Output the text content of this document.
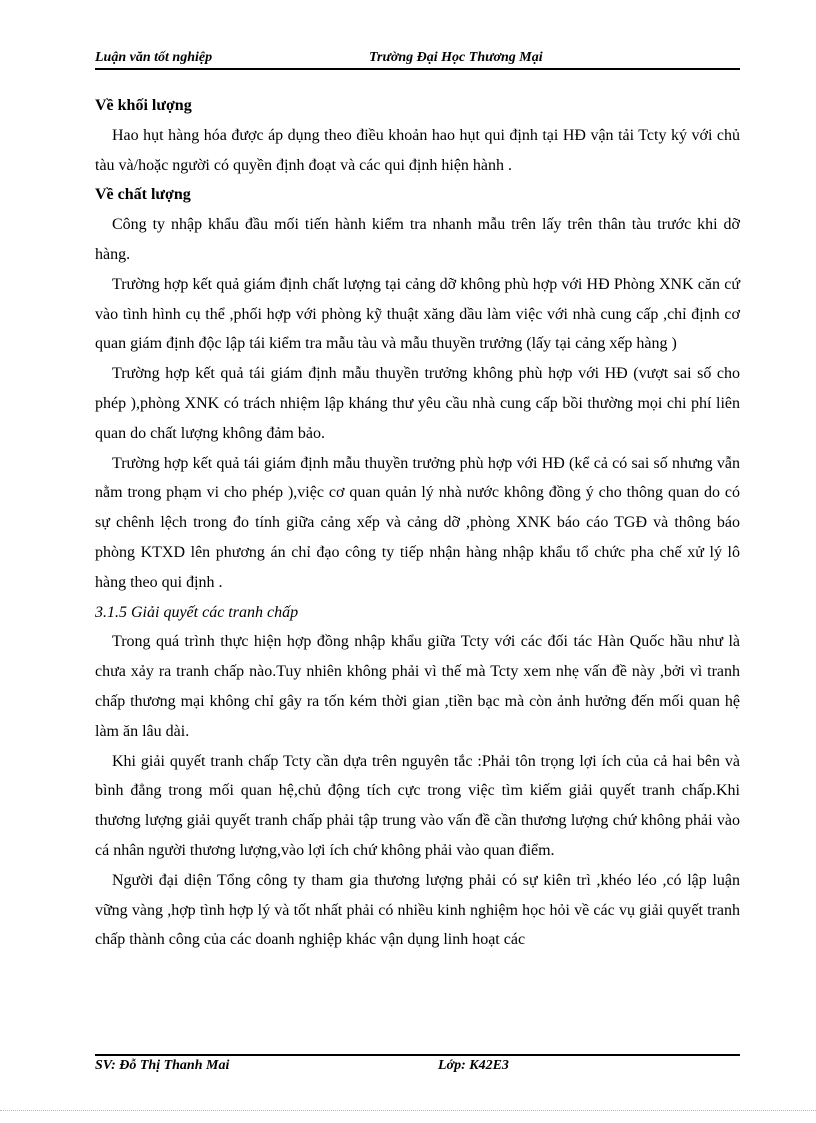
Luận văn tốt nghiệp	Trường Đại Học Thương Mại
Về khối lượng

Hao hụt hàng hóa được áp dụng theo điều khoản hao hụt qui định tại HĐ vận tải Tcty ký với chủ tàu và/hoặc người có quyền định đoạt và các qui định hiện hành .

Về chất lượng

Công ty nhập khẩu đầu mối tiến hành kiểm tra nhanh mẫu trên lấy trên thân tàu trước khi dỡ hàng.

Trường hợp kết quả giám định chất lượng tại cảng dỡ không phù hợp với HĐ Phòng XNK căn cứ vào tình hình cụ thể ,phối hợp với phòng kỹ thuật xăng dầu làm việc với nhà cung cấp ,chỉ định cơ quan giám định độc lập tái kiểm tra mẫu tàu và mẫu thuyền trưởng (lấy tại cảng xếp hàng )

Trường hợp kết quả tái giám định mẫu thuyền trưởng không phù hợp với HĐ (vượt sai số cho phép ),phòng XNK có trách nhiệm lập kháng thư yêu cầu nhà cung cấp bồi thường mọi chi phí liên quan do chất lượng không đảm bảo.

Trường hợp kết quả tái giám định mẫu thuyền trưởng phù hợp với HĐ (kể cả có sai số nhưng vẫn nằm trong phạm vi cho phép ),việc cơ quan quản lý nhà nước không đồng ý cho thông quan do có sự chênh lệch trong đo tính giữa cảng xếp và cảng dỡ ,phòng XNK báo cáo TGĐ và thông báo phòng KTXD lên phương án chỉ đạo công ty tiếp nhận hàng nhập khẩu tổ chức pha chế xử lý lô hàng theo qui định .

3.1.5 Giải quyết các tranh chấp

Trong quá trình thực hiện hợp đồng nhập khẩu giữa Tcty với các đối tác Hàn Quốc hầu như là chưa xảy ra tranh chấp nào.Tuy nhiên không phải vì thế mà Tcty xem nhẹ vấn đề này ,bởi vì tranh chấp thương mại không chỉ gây ra tốn kém thời gian ,tiền bạc mà còn ảnh hưởng đến mối quan hệ làm ăn lâu dài.

Khi giải quyết tranh chấp Tcty cần dựa trên nguyên tắc :Phải tôn trọng lợi ích của cả hai bên và bình đẳng trong mối quan hệ,chủ động tích cực trong việc tìm kiếm giải quyết tranh chấp.Khi thương lượng giải quyết tranh chấp phải tập trung vào vấn đề cần thương lượng chứ không phải vào cá nhân người thương lượng,vào lợi ích chứ không phải vào quan điểm.

Người đại diện Tổng công ty tham gia thương lượng phải có sự kiên trì ,khéo léo ,có lập luận vững vàng ,hợp tình hợp lý và tốt nhất phải có nhiều kinh nghiệm học hỏi về các vụ giải quyết tranh chấp thành công của các doanh nghiệp khác vận dụng linh hoạt các

SV: Đỗ Thị Thanh Mai	Lớp: K42E3
